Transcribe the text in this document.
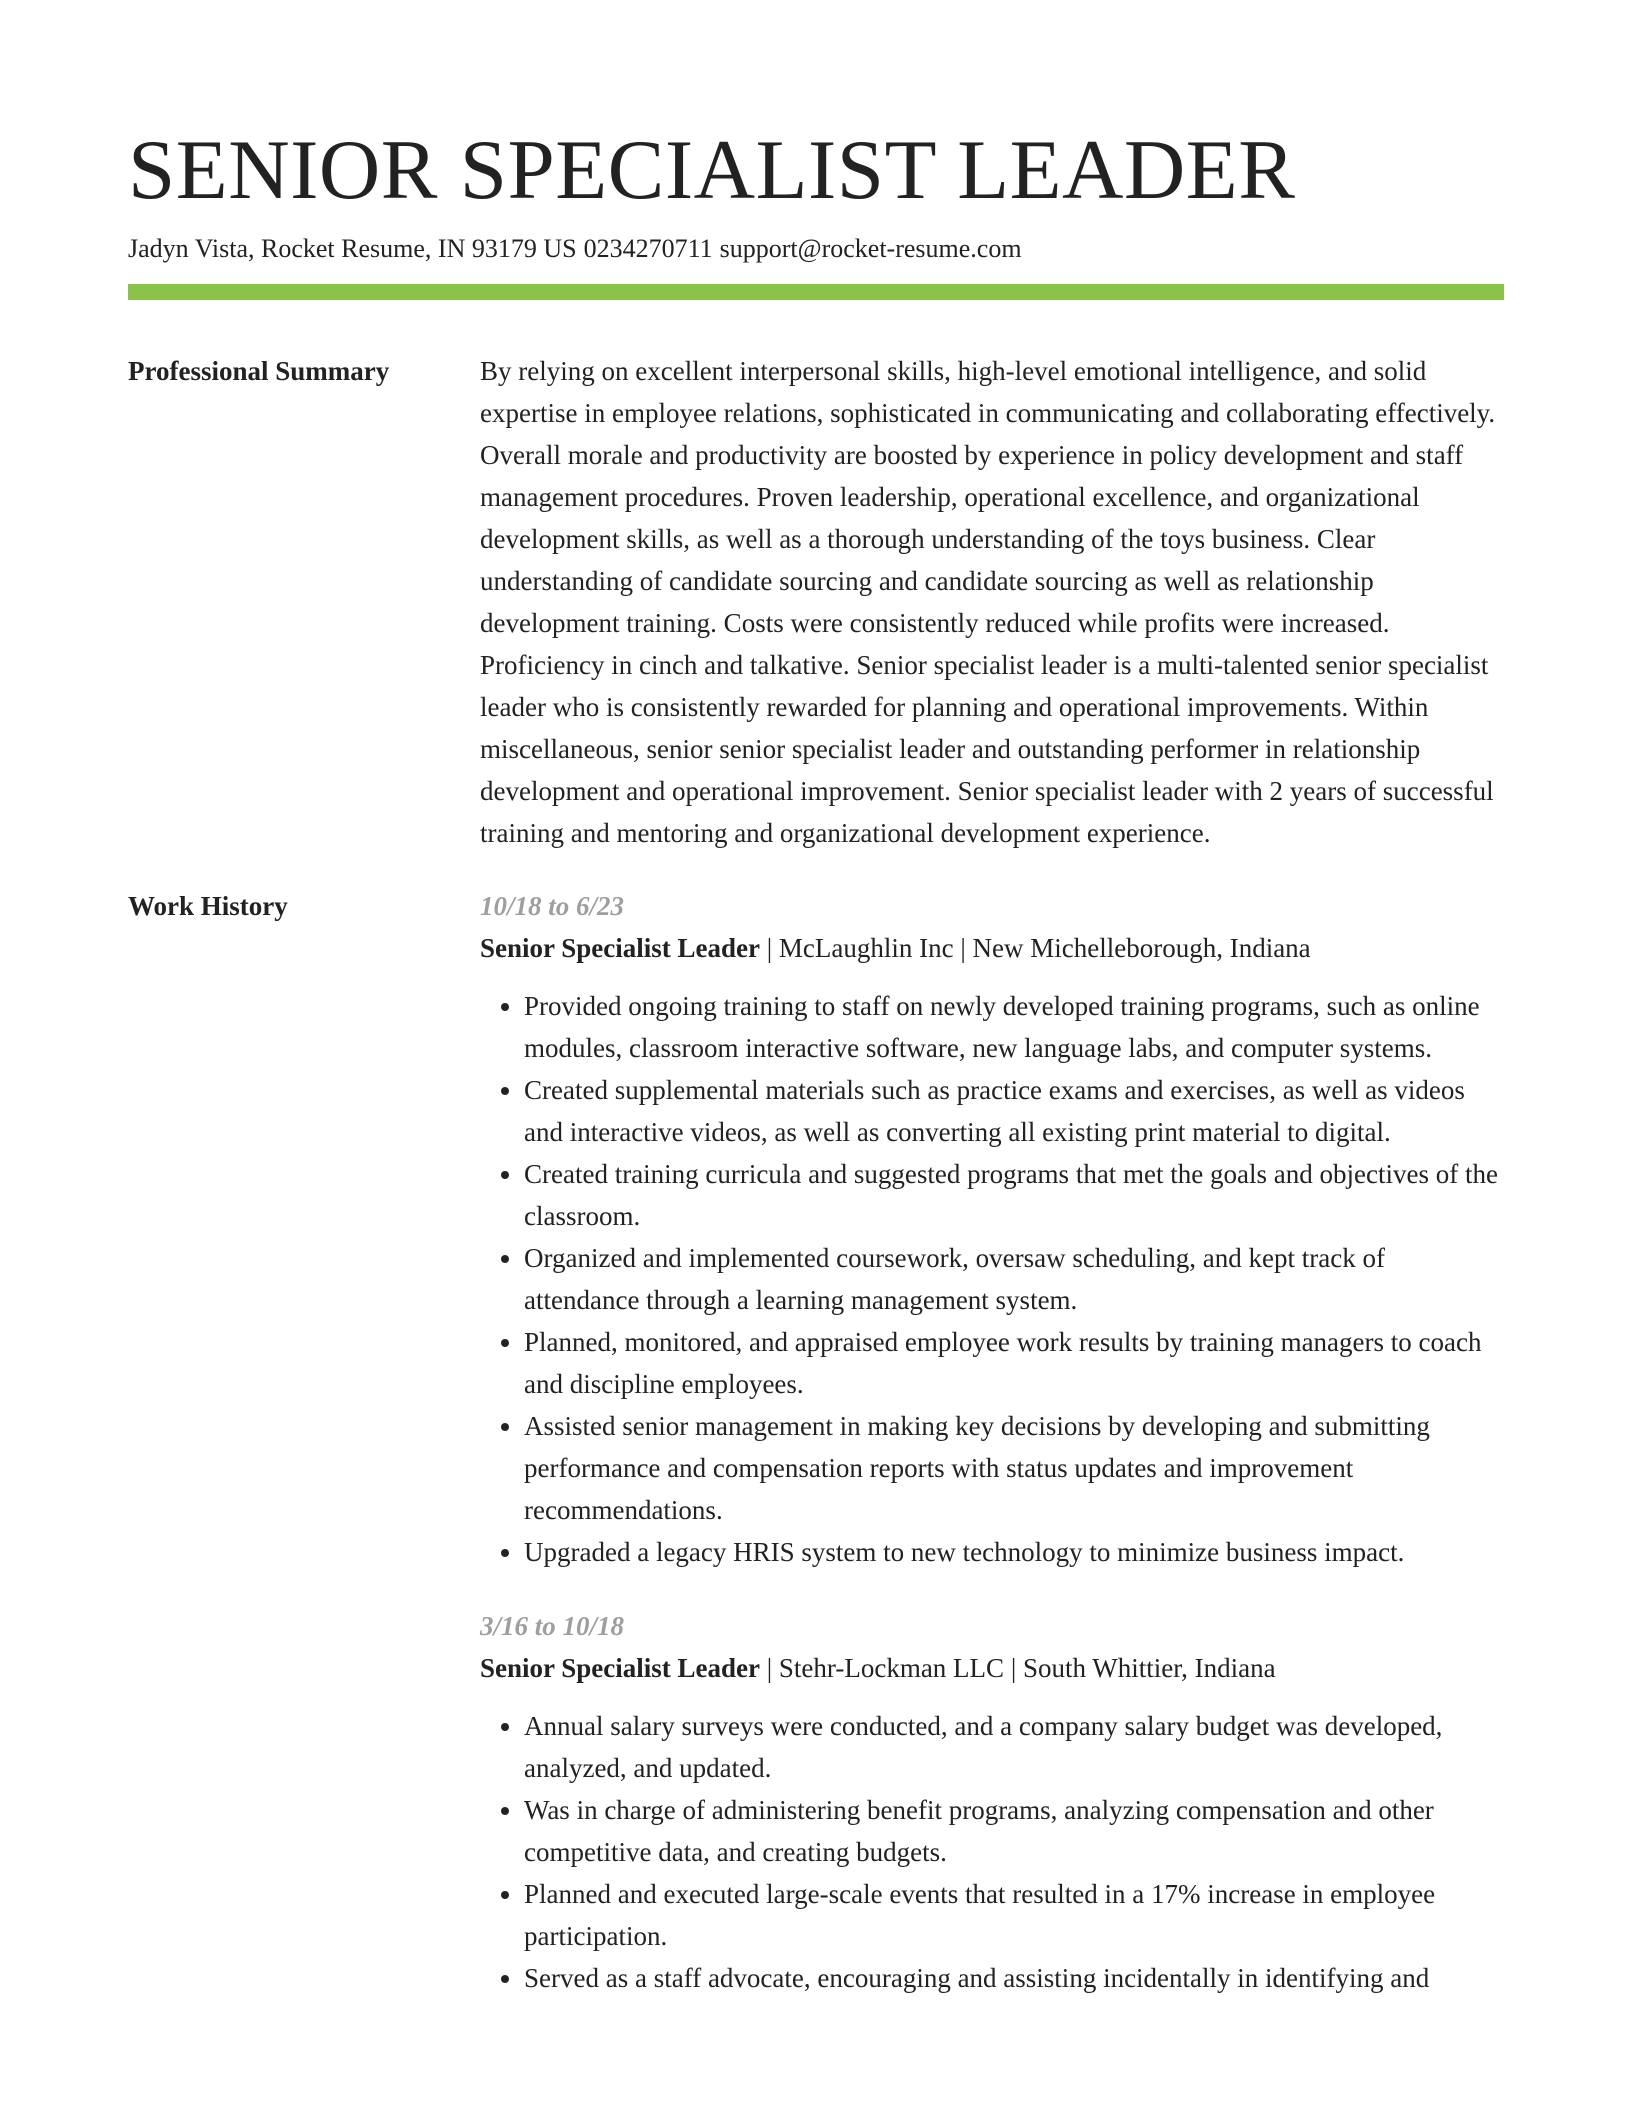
SENIOR SPECIALIST LEADER
Jadyn Vista, Rocket Resume, IN 93179 US 0234270711 support@rocket-resume.com
Professional Summary	By relying on excellent interpersonal skills, high-level emotional intelligence, and solid expertise in employee relations, sophisticated in communicating and collaborating effectively. Overall morale and productivity are boosted by experience in policy development and staff management procedures. Proven leadership, operational excellence, and organizational development skills, as well as a thorough understanding of the toys business. Clear understanding of candidate sourcing and candidate sourcing as well as relationship development training. Costs were consistently reduced while profits were increased. Proficiency in cinch and talkative. Senior specialist leader is a multi-talented senior specialist leader who is consistently rewarded for planning and operational improvements. Within miscellaneous, senior senior specialist leader and outstanding performer in relationship development and operational improvement. Senior specialist leader with 2 years of successful training and mentoring and organizational development experience.

Work History	10/18 to 6/23
Senior Specialist Leader | McLaughlin Inc | New Michelleborough, Indiana
• Provided ongoing training to staff on newly developed training programs, such as online modules, classroom interactive software, new language labs, and computer systems.
• Created supplemental materials such as practice exams and exercises, as well as videos and interactive videos, as well as converting all existing print material to digital.
• Created training curricula and suggested programs that met the goals and objectives of the classroom.
• Organized and implemented coursework, oversaw scheduling, and kept track of attendance through a learning management system.
• Planned, monitored, and appraised employee work results by training managers to coach and discipline employees.
• Assisted senior management in making key decisions by developing and submitting performance and compensation reports with status updates and improvement recommendations.
• Upgraded a legacy HRIS system to new technology to minimize business impact.
3/16 to 10/18
Senior Specialist Leader | Stehr-Lockman LLC | South Whittier, Indiana
• Annual salary surveys were conducted, and a company salary budget was developed, analyzed, and updated.
• Was in charge of administering benefit programs, analyzing compensation and other competitive data, and creating budgets.
• Planned and executed large-scale events that resulted in a 17% increase in employee participation.
• Served as a staff advocate, encouraging and assisting incidentally in identifying and
